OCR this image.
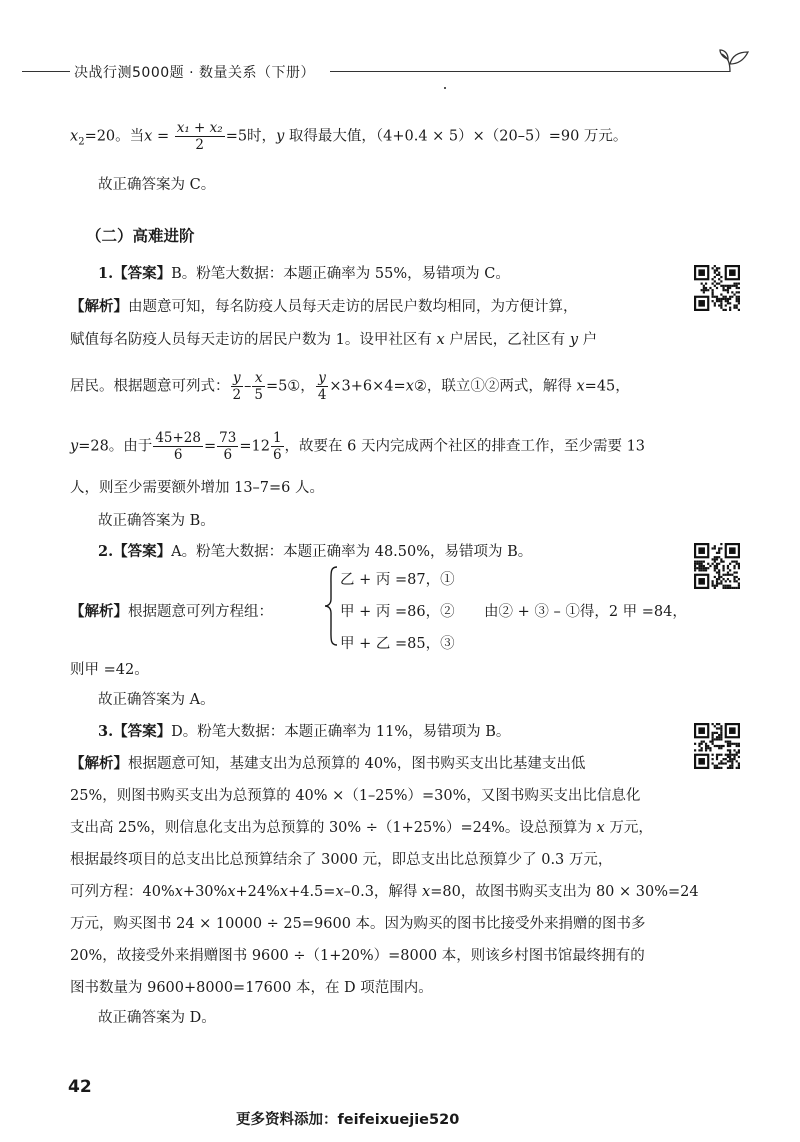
决战行测5000题 · 数量关系（下册）
$x_2=20$。当$x = \frac{\text{x₁ + x₂}}{2} =5$时，y 取得最大值，（4+0.4 × 5）×（20–5）=90 万元。
故正确答案为 C。
（二）高难进阶
1.【答案】B。粉笔大数据：本题正确率为 55%，易错项为 C。
【解析】由题意可知，每名防疫人员每天走访的居民户数均相同，为方便计算，
赋值每名防疫人员每天走访的居民户数为 1。设甲社区有 x 户居民，乙社区有 y 户
居民。根据题意可列式： $\frac{y}{2} - \frac{x}{5}$ =5①， $\frac{y}{4}$ ×3+6×4=x②，联立①②两式，解得 x=45，
y=28。由于 $\frac{45+28}{6} = \frac{73}{6} =12 \frac{1}{6}$ ，故要在 6 天内完成两个社区的排查工作，至少需要 13
人，则至少需要额外增加 13–7=6 人。
故正确答案为 B。
2.【答案】A。粉笔大数据：本题正确率为 48.50%，易错项为 B。
【解析】根据题意可列方程组：
乙 + 丙 =87，①
甲 + 丙 =86，② 由② + ③ – ①得，2 甲 =84，
甲 + 乙 =85，③
则甲 =42。
故正确答案为 A。
3.【答案】D。粉笔大数据：本题正确率为 11%，易错项为 B。
【解析】根据题意可知，基建支出为总预算的 40%，图书购买支出比基建支出低
25%，则图书购买支出为总预算的 40% ×（1–25%）=30%，又图书购买支出比信息化
支出高 25%，则信息化支出为总预算的 30% ÷（1+25%）=24%。设总预算为 x 万元，
根据最终项目的总支出比总预算结余了 3000 元，即总支出比总预算少了 0.3 万元，
可列方程：40%x+30%x+24%x+4.5=x–0.3，解得 x=80，故图书购买支出为 80 × 30%=24
万元，购买图书 24 × 10000 ÷ 25=9600 本。因为购买的图书比接受外来捐赠的图书多
20%，故接受外来捐赠图书 9600 ÷（1+20%）=8000 本，则该乡村图书馆最终拥有的
图书数量为 9600+8000=17600 本，在 D 项范围内。
故正确答案为 D。
42
更多资料添加：feifeixuejie520
